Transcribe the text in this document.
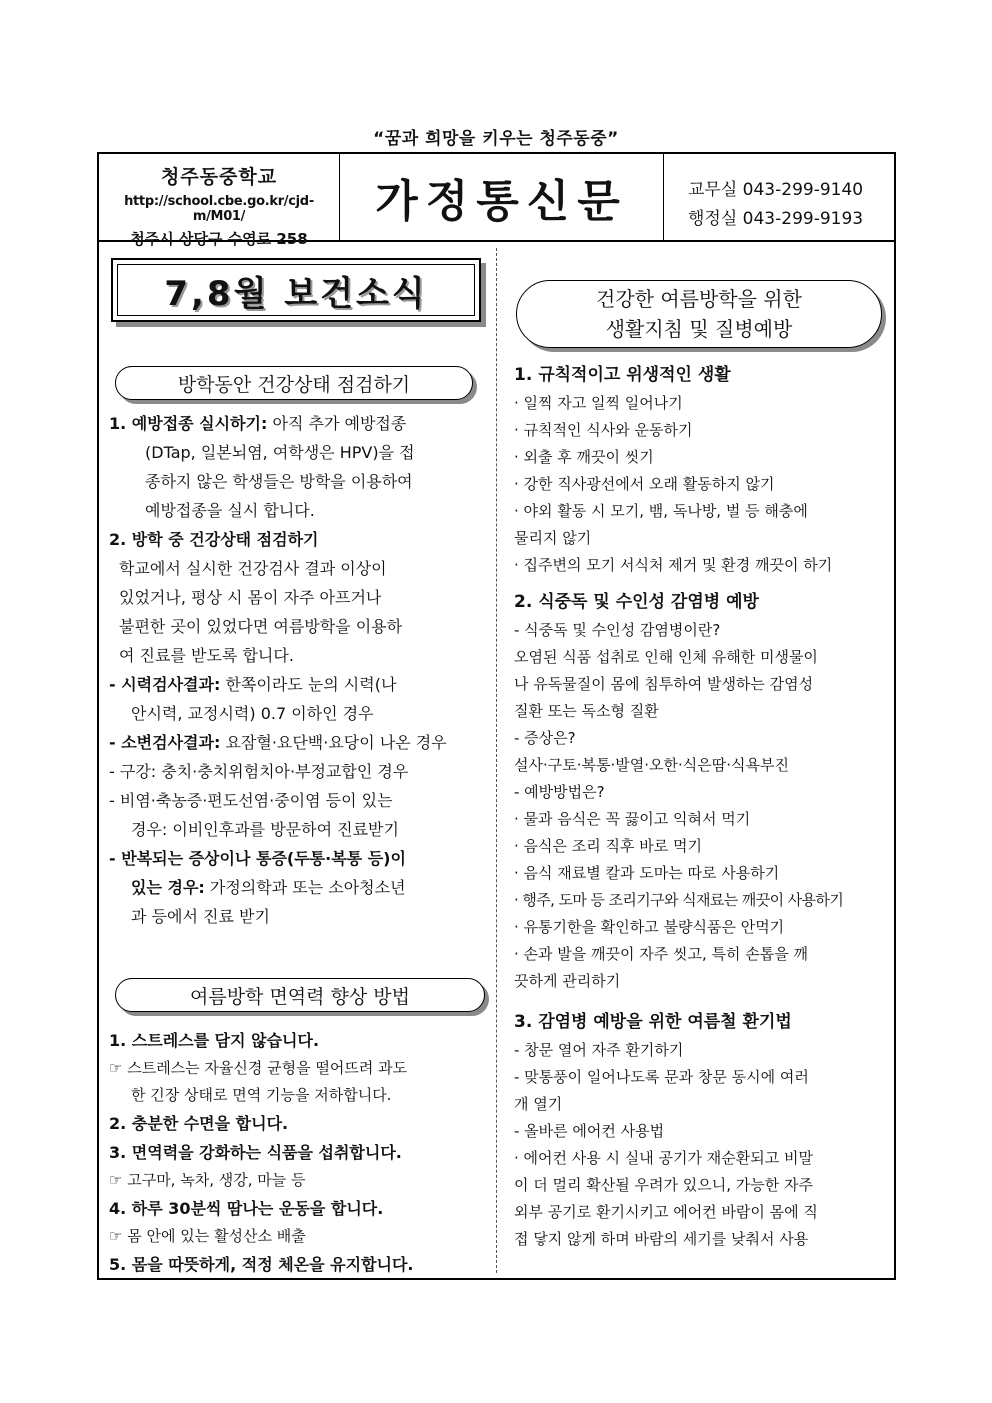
“꿈과 희망을 키우는 청주동중”
청주동중학교
http://school.cbe.go.kr/cjd-m/M01/
청주시 상당구 수영로 258
가정통신문	교무실 043-299-9140
행정실 043-299-9193
7,8월 보건소식
방학동안 건강상태 점검하기
1. 예방접종 실시하기: 아직 추가 예방접종
(DTap, 일본뇌염, 여학생은 HPV)을 접
종하지 않은 학생들은 방학을 이용하여
예방접종을 실시 합니다.
2. 방학 중 건강상태 점검하기
학교에서 실시한 건강검사 결과 이상이
있었거나, 평상 시 몸이 자주 아프거나
불편한 곳이 있었다면 여름방학을 이용하
여 진료를 받도록 합니다.
- 시력검사결과: 한쪽이라도 눈의 시력(나
안시력, 교정시력) 0.7 이하인 경우
- 소변검사결과: 요잠혈·요단백·요당이 나온 경우
- 구강: 충치·충치위험치아·부정교합인 경우
- 비염·축농증·편도선염·중이염 등이 있는
경우: 이비인후과를 방문하여 진료받기
- 반복되는 증상이나 통증(두통·복통 등)이
있는 경우: 가정의학과 또는 소아청소년
과 등에서 진료 받기
여름방학 면역력 향상 방법
1. 스트레스를 담지 않습니다.
☞ 스트레스는 자율신경 균형을 떨어뜨려 과도
한 긴장 상태로 면역 기능을 저하합니다.
2. 충분한 수면을 합니다.
3. 면역력을 강화하는 식품을 섭취합니다.
☞ 고구마, 녹차, 생강, 마늘 등
4. 하루 30분씩 땀나는 운동을 합니다.
☞ 몸 안에 있는 활성산소 배출
5. 몸을 따뜻하게, 적정 체온을 유지합니다.
건강한 여름방학을 위한
생활지침 및 질병예방
1. 규칙적이고 위생적인 생활
· 일찍 자고 일찍 일어나기
· 규칙적인 식사와 운동하기
· 외출 후 깨끗이 씻기
· 강한 직사광선에서 오래 활동하지 않기
· 야외 활동 시 모기, 뱀, 독나방, 벌 등 해충에
물리지 않기
· 집주변의 모기 서식처 제거 및 환경 깨끗이 하기
2. 식중독 및 수인성 감염병 예방
- 식중독 및 수인성 감염병이란?
오염된 식품 섭취로 인해 인체 유해한 미생물이
나 유독물질이 몸에 침투하여 발생하는 감염성
질환 또는 독소형 질환
- 증상은?
설사·구토·복통·발열·오한·식은땀·식욕부진
- 예방방법은?
· 물과 음식은 꼭 끓이고 익혀서 먹기
· 음식은 조리 직후 바로 먹기
· 음식 재료별 칼과 도마는 따로 사용하기
· 행주, 도마 등 조리기구와 식재료는 깨끗이 사용하기
· 유통기한을 확인하고 불량식품은 안먹기
· 손과 발을 깨끗이 자주 씻고, 특히 손톱을 깨
끗하게 관리하기
3. 감염병 예방을 위한 여름철 환기법
- 창문 열어 자주 환기하기
- 맞통풍이 일어나도록 문과 창문 동시에 여러
개 열기
- 올바른 에어컨 사용법
· 에어컨 사용 시 실내 공기가 재순환되고 비말
이 더 멀리 확산될 우려가 있으니, 가능한 자주
외부 공기로 환기시키고 에어컨 바람이 몸에 직
접 닿지 않게 하며 바람의 세기를 낮춰서 사용
